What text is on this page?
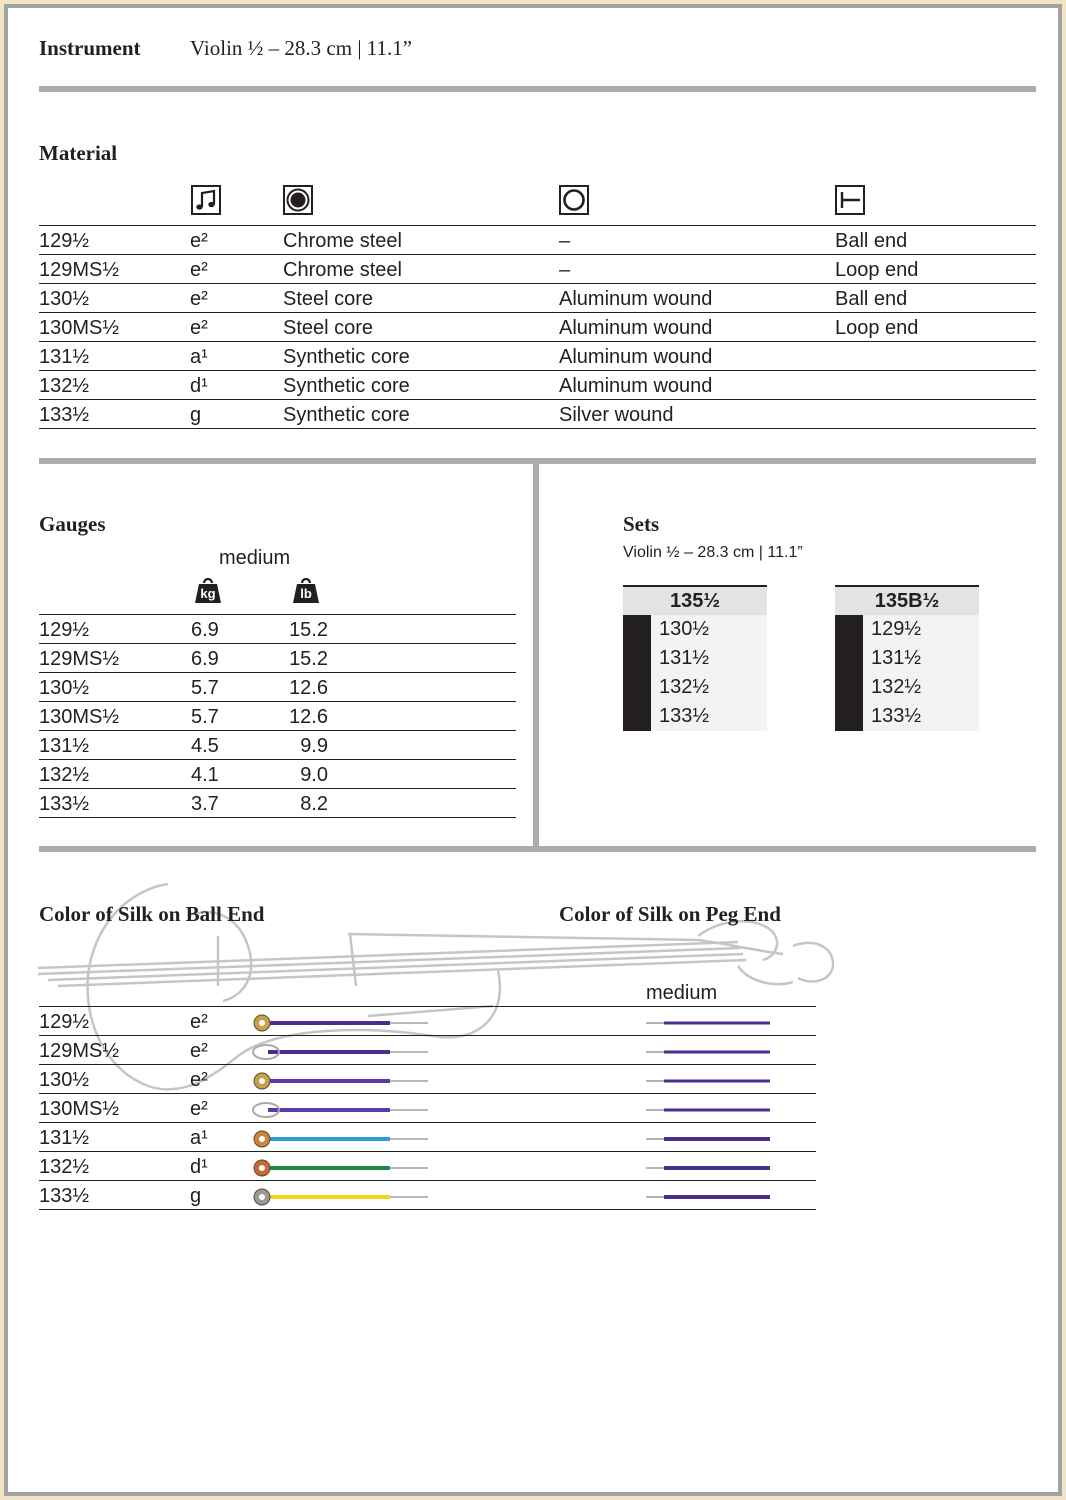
Instrument Violin ½ – 28.3 cm | 11.1”
Material
129½	e²	Chrome steel	–	Ball end
129MS½	e²	Chrome steel	–	Loop end
130½	e²	Steel core	Aluminum wound	Ball end
130MS½	e²	Steel core	Aluminum wound	Loop end
131½	a¹	Synthetic core	Aluminum wound
132½	d¹	Synthetic core	Aluminum wound
133½	g	Synthetic core	Silver wound
Gauges
medium
kg	lb
129½	6.9	15.2
129MS½	6.9	15.2
130½	5.7	12.6
130MS½	5.7	12.6
131½	4.5	9.9
132½	4.1	9.0
133½	3.7	8.2
Sets
Violin ½ – 28.3 cm | 11.1”
135½
130½
131½
132½
133½
135B½
129½
131½
132½
133½
Color of Silk on Ball End	Color of Silk on Peg End
medium
129½	e²
129MS½	e²
130½	e²
130MS½	e²
131½	a¹
132½	d¹
133½	g
